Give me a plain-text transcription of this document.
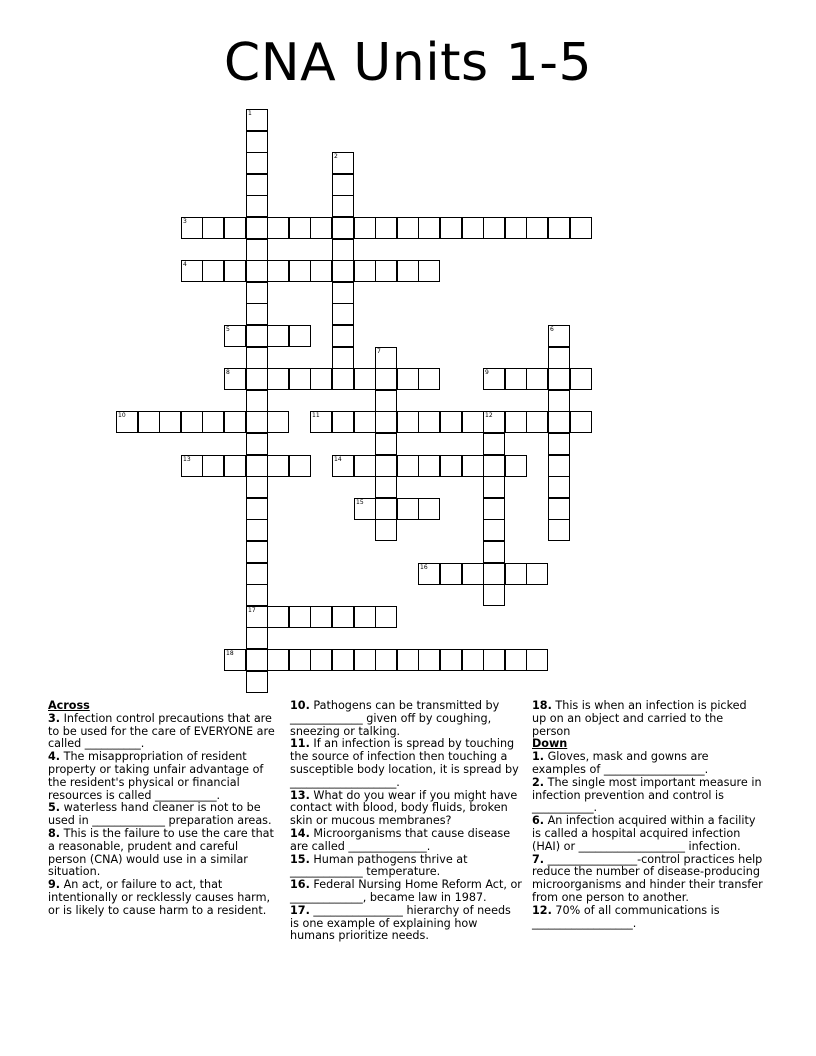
CNA Units 1-5
1
17
2
3
4
5	6
7
8	9
10	11	12
13	14
15
16
18
Across
3. Infection control precautions that are to be used for the care of EVERYONE are called __________.
4. The misappropriation of resident property or taking unfair advantage of the resident's physical or financial resources is called ___________.
5. waterless hand cleaner is not to be used in _____________ preparation areas.
8. This is the failure to use the care that a reasonable, prudent and careful person (CNA) would use in a similar situation.
9. An act, or failure to act, that intentionally or recklessly causes harm, or is likely to cause harm to a resident.
10. Pathogens can be transmitted by _____________ given off by coughing, sneezing or talking.
11. If an infection is spread by touching the source of infection then touching a susceptible body location, it is spread by ___________________.
13. What do you wear if you might have contact with blood, body fluids, broken skin or mucous membranes?
14. Microorganisms that cause disease are called ______________.
15. Human pathogens thrive at _____________ temperature.
16. Federal Nursing Home Reform Act, or _____________, became law in 1987.
17. ________________ hierarchy of needs is one example of explaining how humans prioritize needs.
18. This is when an infection is picked up on an object and carried to the person
Down
1. Gloves, mask and gowns are examples of __________________.
2. The single most important measure in infection prevention and control is ___________.
6. An infection acquired within a facility is called a hospital acquired infection (HAI) or ___________________ infection.
7. ________________-control practices help reduce the number of disease-producing microorganisms and hinder their transfer from one person to another.
12. 70% of all communications is __________________.
